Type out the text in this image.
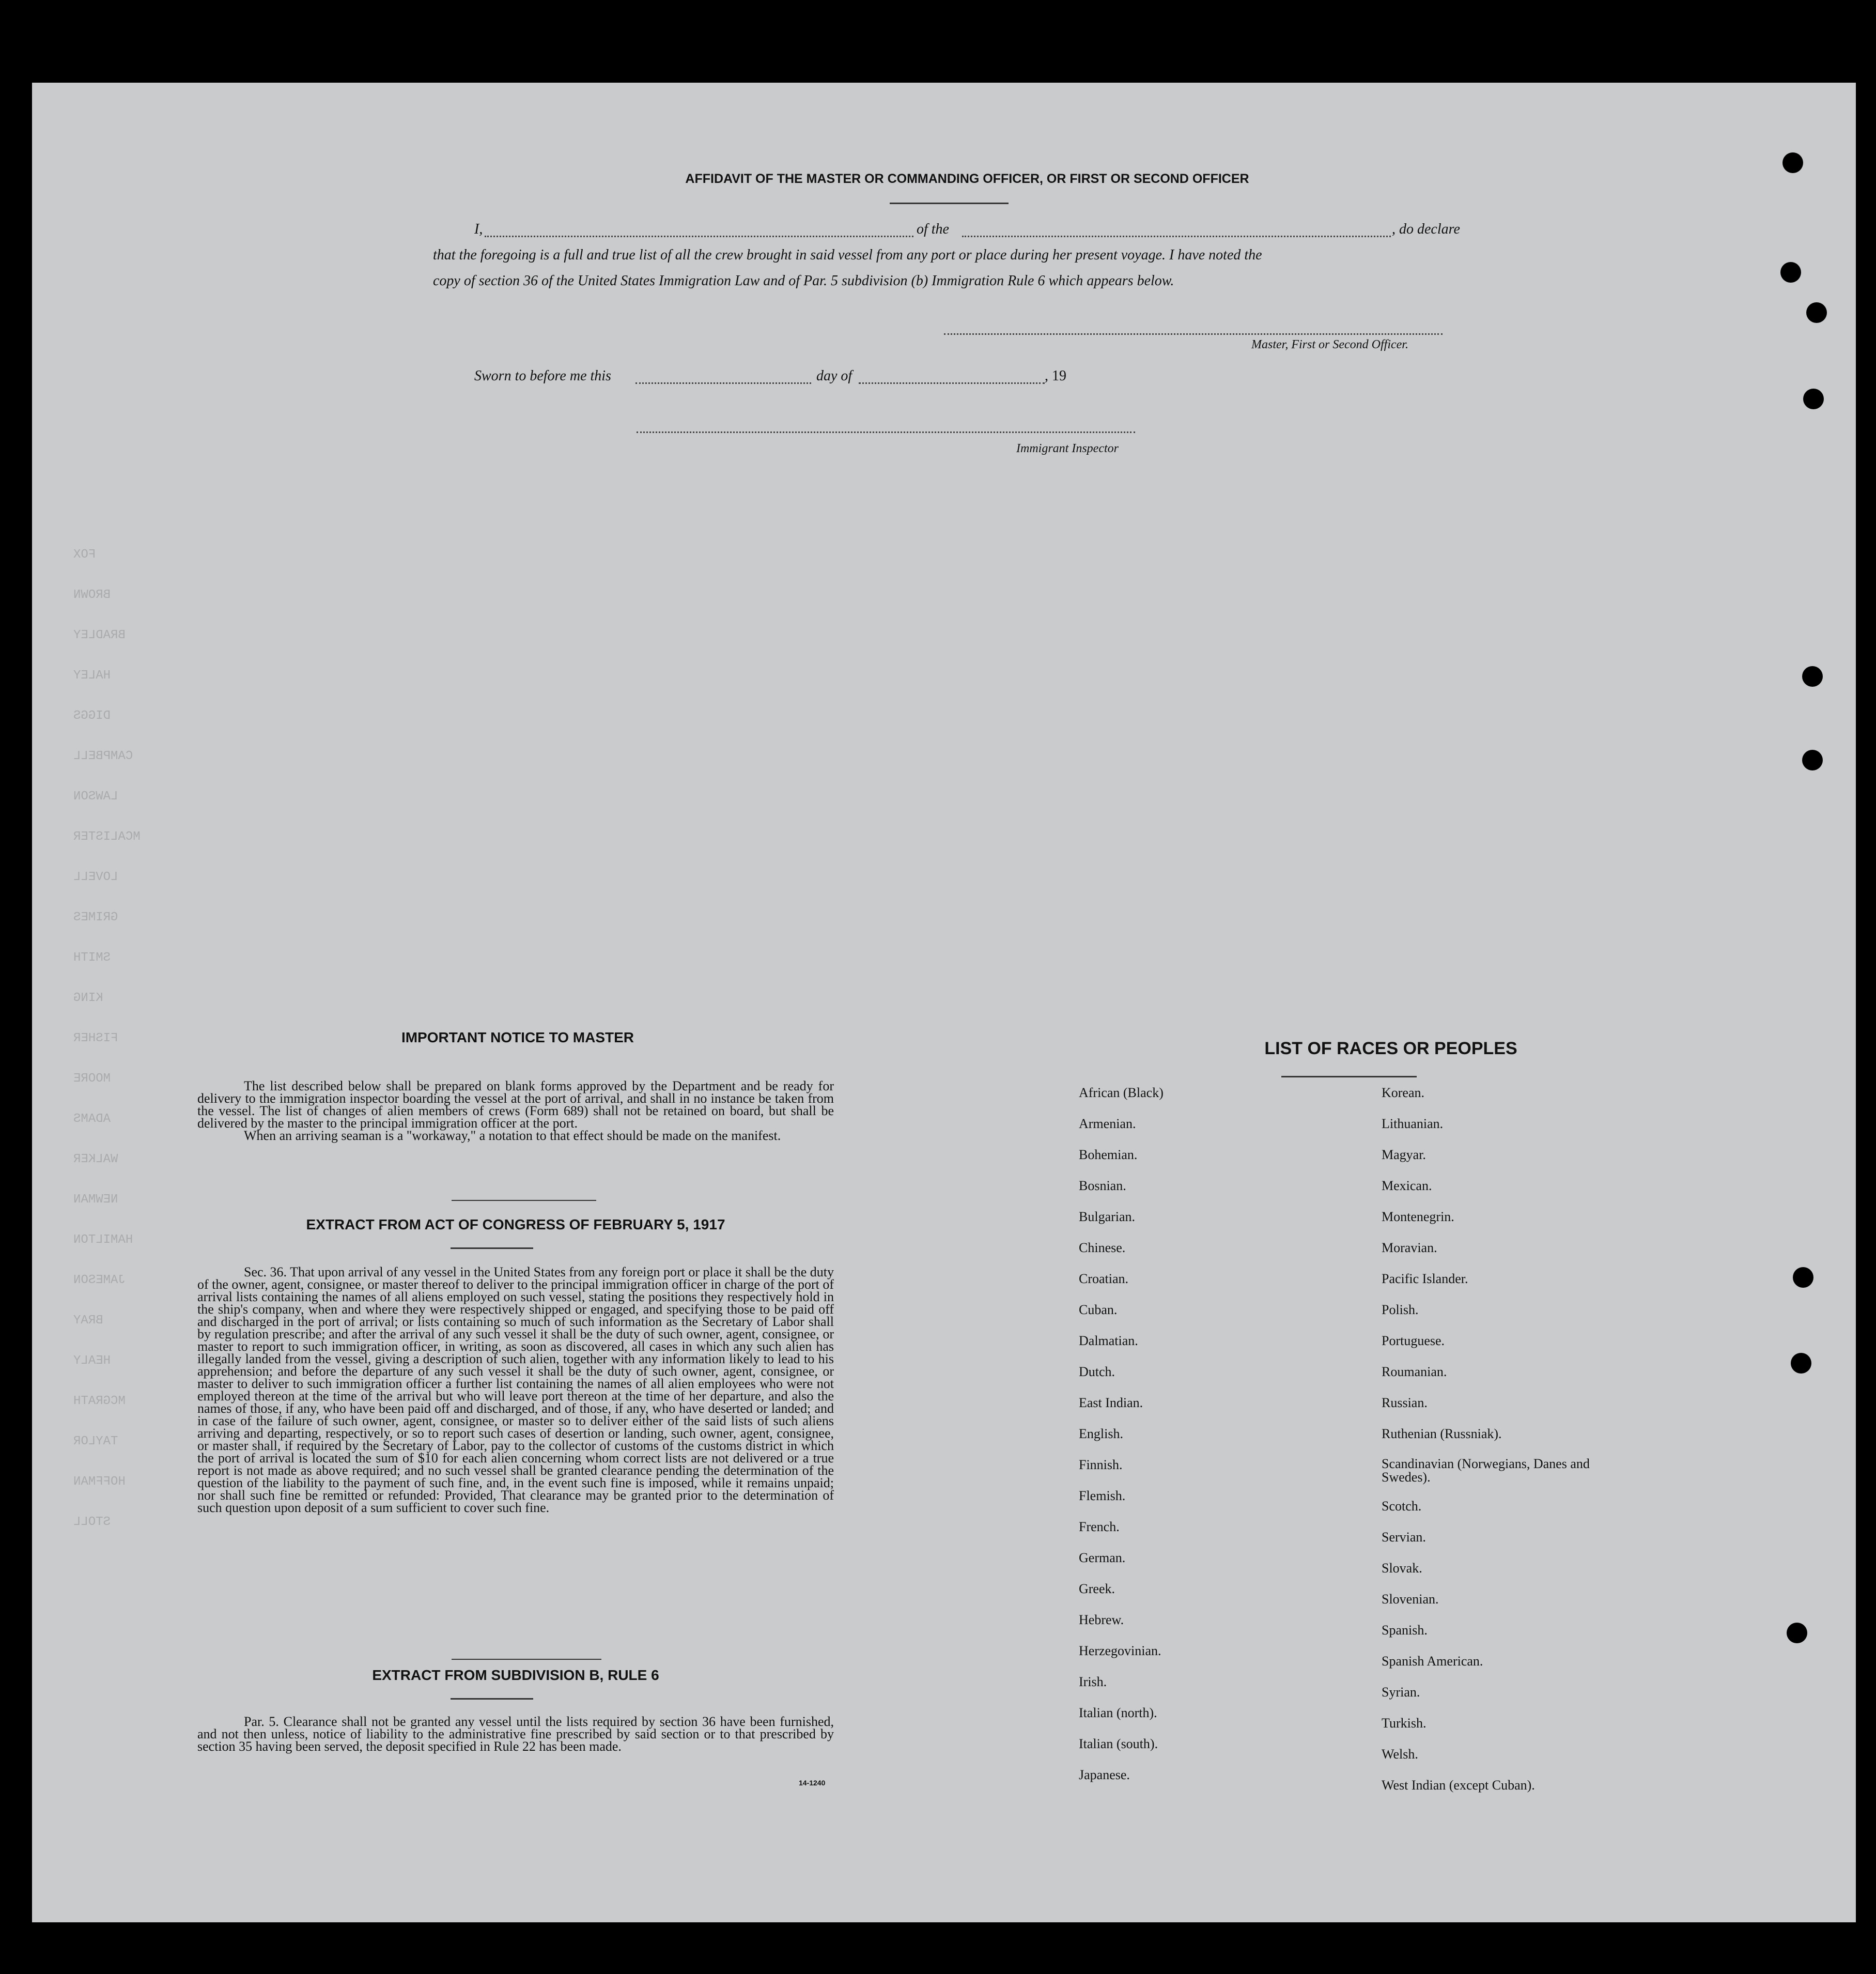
FOX
BROWN
BRADLEY
HALEY
DIGGS
CAMPBELL
LAWSON
MCALISTER
LOVELL
GRIMES
SMITH
KING
FISHER
MOORE
ADAMS
WALKER
NEWMAN
HAMILTON
JAMESON
BRAY
HEALY
MCGRATH
TAYLOR
HOFFMAN
STOLL
AFFIDAVIT OF THE MASTER OR COMMANDING OFFICER, OR FIRST OR SECOND OFFICER
I,	of the	, do declare
that the foregoing is a full and true list of all the crew brought in said vessel from any port or place during her present voyage. I have noted the
copy of section 36 of the United States Immigration Law and of Par. 5 subdivision (b) Immigration Rule 6 which appears below.
Master, First or Second Officer.
Sworn to before me this	day of	, 19
Immigrant Inspector
IMPORTANT NOTICE TO MASTER

The list described below shall be prepared on blank forms approved by the Department and be ready for delivery to the immigration inspector boarding the vessel at the port of arrival, and shall in no instance be taken from the vessel. The list of changes of alien members of crews (Form 689) shall not be retained on board, but shall be delivered by the master to the principal immigration officer at the port.

When an arriving seaman is a "workaway," a notation to that effect should be made on the manifest.

EXTRACT FROM ACT OF CONGRESS OF FEBRUARY 5, 1917
Sec. 36. That upon arrival of any vessel in the United States from any foreign port or place it shall be the duty of the owner, agent, consignee, or master thereof to deliver to the principal immigration officer in charge of the port of arrival lists containing the names of all aliens employed on such vessel, stating the positions they respectively hold in the ship's company, when and where they were respectively shipped or engaged, and specifying those to be paid off and discharged in the port of arrival; or lists containing so much of such information as the Secretary of Labor shall by regulation prescribe; and after the arrival of any such vessel it shall be the duty of such owner, agent, consignee, or master to report to such immigration officer, in writing, as soon as discovered, all cases in which any such alien has illegally landed from the vessel, giving a description of such alien, together with any information likely to lead to his apprehension; and before the departure of any such vessel it shall be the duty of such owner, agent, consignee, or master to deliver to such immigration officer a further list containing the names of all alien employees who were not employed thereon at the time of the arrival but who will leave port thereon at the time of her departure, and also the names of those, if any, who have been paid off and discharged, and of those, if any, who have deserted or landed; and in case of the failure of such owner, agent, consignee, or master so to deliver either of the said lists of such aliens arriving and departing, respectively, or so to report such cases of desertion or landing, such owner, agent, consignee, or master shall, if required by the Secretary of Labor, pay to the collector of customs of the customs district in which the port of arrival is located the sum of $10 for each alien concerning whom correct lists are not delivered or a true report is not made as above required; and no such vessel shall be granted clearance pending the determination of the question of the liability to the payment of such fine, and, in the event such fine is imposed, while it remains unpaid; nor shall such fine be remitted or refunded: Provided, That clearance may be granted prior to the determination of such question upon deposit of a sum sufficient to cover such fine.
EXTRACT FROM SUBDIVISION B, RULE 6
Par. 5. Clearance shall not be granted any vessel until the lists required by section 36 have been furnished, and not then unless, notice of liability to the administrative fine prescribed by said section or to that prescribed by section 35 having been served, the deposit specified in Rule 22 has been made.
14-1240
LIST OF RACES OR PEOPLES
African (Black)
Armenian.
Bohemian.
Bosnian.
Bulgarian.
Chinese.
Croatian.
Cuban.
Dalmatian.
Dutch.
East Indian.
English.
Finnish.
Flemish.
French.
German.
Greek.
Hebrew.
Herzegovinian.
Irish.
Italian (north).
Italian (south).
Japanese.
Korean.
Lithuanian.
Magyar.
Mexican.
Montenegrin.
Moravian.
Pacific Islander.
Polish.
Portuguese.
Roumanian.
Russian.
Ruthenian (Russniak).
Scandinavian (Norwegians, Danes and Swedes).
Scotch.
Servian.
Slovak.
Slovenian.
Spanish.
Spanish American.
Syrian.
Turkish.
Welsh.
West Indian (except Cuban).
